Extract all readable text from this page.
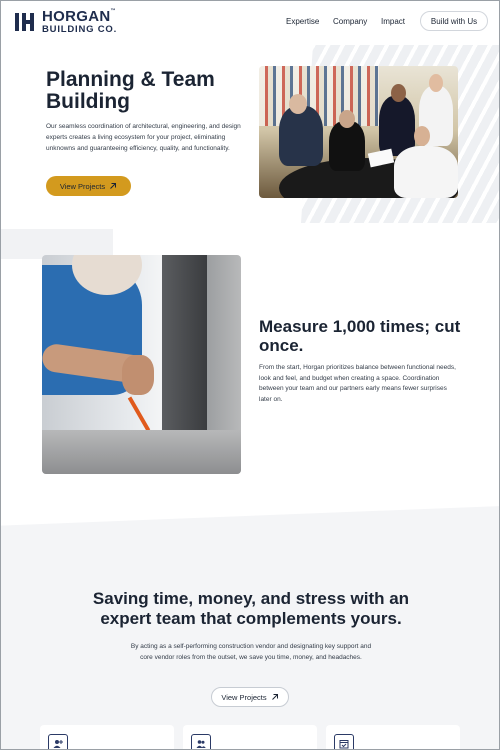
HORGAN™
BUILDING CO.
Expertise Company Impact	Build with Us
Planning & Team Building
Our seamless coordination of architectural, engineering, and design experts creates a living ecosystem for your project, eliminating unknowns and guaranteeing efficiency, quality, and functionality.
View Projects
Measure 1,000 times; cut once.
From the start, Horgan prioritizes balance between functional needs, look and feel, and budget when creating a space. Coordination between your team and our partners early means fewer surprises later on.
Saving time, money, and stress with an expert team that complements yours.
By acting as a self-performing construction vendor and designating key support and core vendor roles from the outset, we save you time, money, and headaches.
View Projects
